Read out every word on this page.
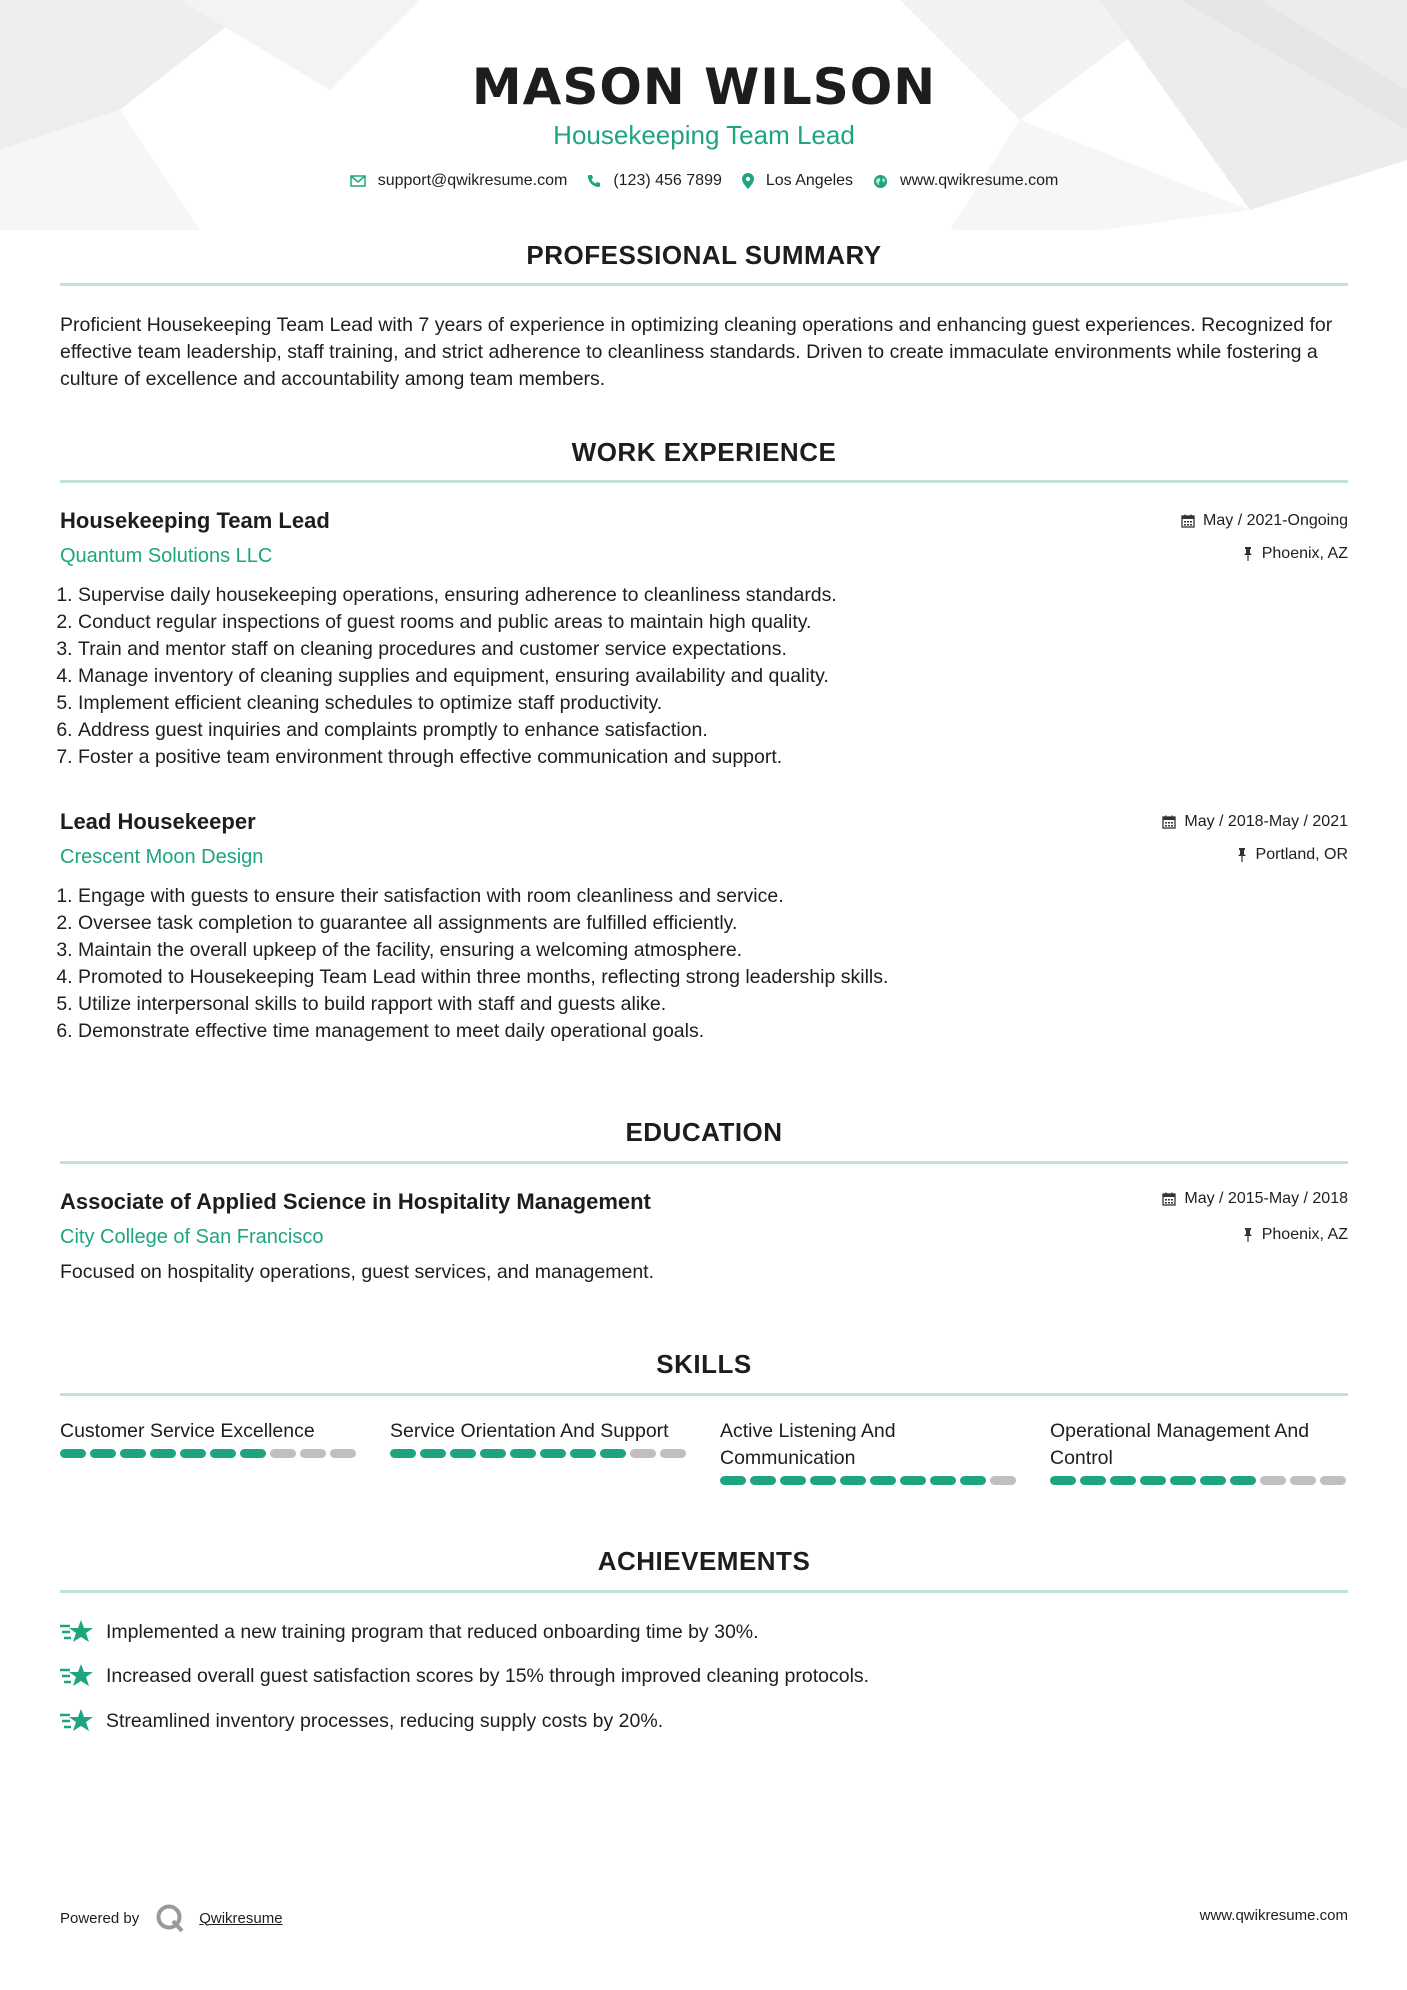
MASON WILSON
Housekeeping Team Lead
support@qwikresume.com	(123) 456 7899	Los Angeles	www.qwikresume.com
PROFESSIONAL SUMMARY
Proficient Housekeeping Team Lead with 7 years of experience in optimizing cleaning operations and enhancing guest experiences. Recognized for effective team leadership, staff training, and strict adherence to cleanliness standards. Driven to create immaculate environments while fostering a culture of excellence and accountability among team members.
WORK EXPERIENCE
Housekeeping Team Lead
Quantum Solutions LLC
May / 2021-Ongoing
Phoenix, AZ
1. Supervise daily housekeeping operations, ensuring adherence to cleanliness standards.
2. Conduct regular inspections of guest rooms and public areas to maintain high quality.
3. Train and mentor staff on cleaning procedures and customer service expectations.
4. Manage inventory of cleaning supplies and equipment, ensuring availability and quality.
5. Implement efficient cleaning schedules to optimize staff productivity.
6. Address guest inquiries and complaints promptly to enhance satisfaction.
7. Foster a positive team environment through effective communication and support.
Lead Housekeeper
Crescent Moon Design
May / 2018-May / 2021
Portland, OR
1. Engage with guests to ensure their satisfaction with room cleanliness and service.
2. Oversee task completion to guarantee all assignments are fulfilled efficiently.
3. Maintain the overall upkeep of the facility, ensuring a welcoming atmosphere.
4. Promoted to Housekeeping Team Lead within three months, reflecting strong leadership skills.
5. Utilize interpersonal skills to build rapport with staff and guests alike.
6. Demonstrate effective time management to meet daily operational goals.
EDUCATION
Associate of Applied Science in Hospitality Management
City College of San Francisco
May / 2015-May / 2018
Phoenix, AZ
Focused on hospitality operations, guest services, and management.
SKILLS
Customer Service Excellence	Service Orientation And Support	Active Listening And Communication
Operational Management And Control
ACHIEVEMENTS
Implemented a new training program that reduced onboarding time by 30%.
Increased overall guest satisfaction scores by 15% through improved cleaning protocols.
Streamlined inventory processes, reducing supply costs by 20%.
Powered by	Qwikresume	www.qwikresume.com
